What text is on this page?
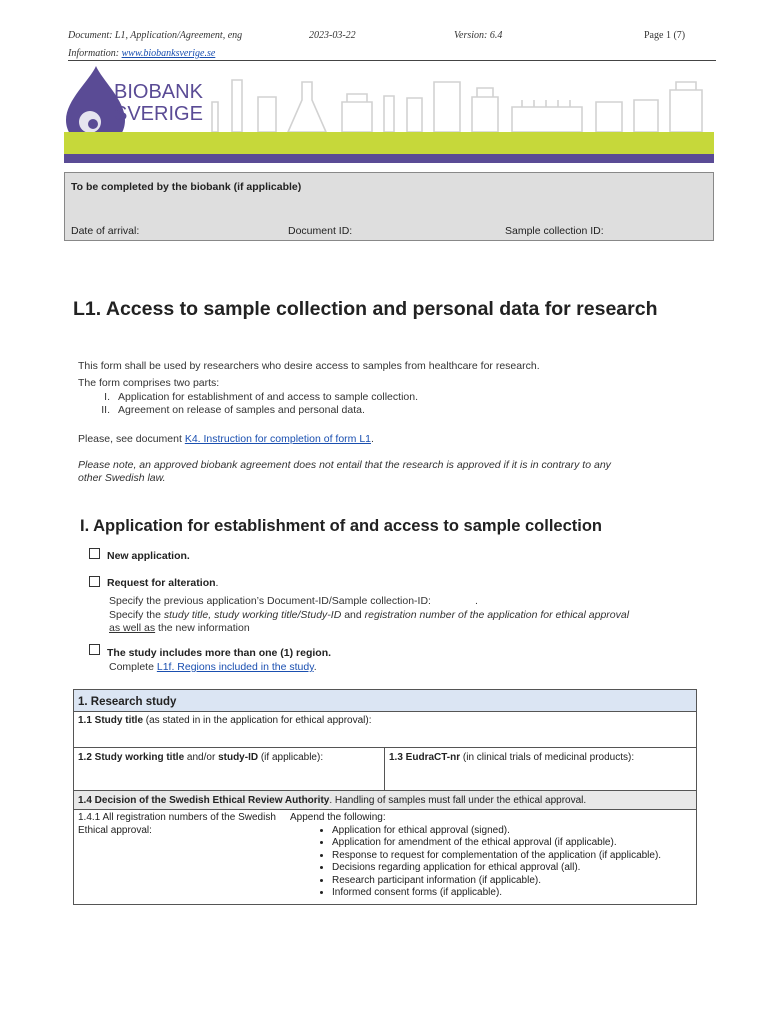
Document: L1, Application/Agreement, eng	2023-03-22	Version: 6.4	Page 1 (7)
Information: www.biobanksverige.se
BIOBANK
SVERIGE
To be completed by the biobank (if applicable)
Date of arrival:	Document ID:	Sample collection ID:
L1. Access to sample collection and personal data for research
This form shall be used by researchers who desire access to samples from healthcare for research.
The form comprises two parts:
I. Application for establishment of and access to sample collection.
II. Agreement on release of samples and personal data.
Please, see document K4. Instruction for completion of form L1.
Please note, an approved biobank agreement does not entail that the research is approved if it is in contrary to any
other Swedish law.
I. Application for establishment of and access to sample collection
New application.
Request for alteration.
Specify the previous application’s Document-ID/Sample collection-ID:	.
Specify the study title, study working title/Study-ID and registration number of the application for ethical approval
as well as the new information
The study includes more than one (1) region.
Complete L1f. Regions included in the study.
1. Research study
1.1 Study title (as stated in in the application for ethical approval):
1.2 Study working title and/or study-ID (if applicable):	1.3 EudraCT-nr (in clinical trials of medicinal products):
1.4 Decision of the Swedish Ethical Review Authority. Handling of samples must fall under the ethical approval.

1.4.1 All registration numbers of the Swedish Ethical approval:
Append the following:
• Application for ethical approval (signed).
• Application for amendment of the ethical approval (if applicable).
• Response to request for complementation of the application (if applicable).
• Decisions regarding application for ethical approval (all).
• Research participant information (if applicable).
• Informed consent forms (if applicable).
